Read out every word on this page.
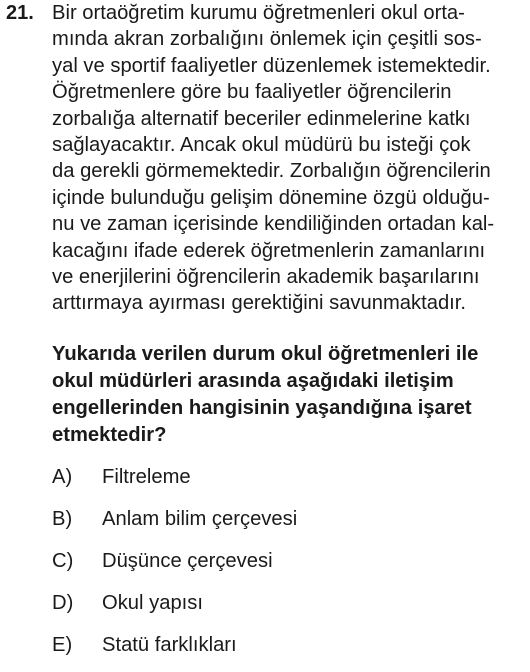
21. Bir ortaöğretim kurumu öğretmenleri okul orta-
mında akran zorbalığını önlemek için çeşitli sos-
yal ve sportif faaliyetler düzenlemek istemektedir.
Öğretmenlere göre bu faaliyetler öğrencilerin
zorbalığa alternatif beceriler edinmelerine katkı
sağlayacaktır. Ancak okul müdürü bu isteği çok
da gerekli görmemektedir. Zorbalığın öğrencilerin
içinde bulunduğu gelişim dönemine özgü olduğu-
nu ve zaman içerisinde kendiliğinden ortadan kal-
kacağını ifade ederek öğretmenlerin zamanlarını
ve enerjilerini öğrencilerin akademik başarılarını
arttırmaya ayırması gerektiğini savunmaktadır.
Yukarıda verilen durum okul öğretmenleri ile
okul müdürleri arasında aşağıdaki iletişim
engellerinden hangisinin yaşandığına işaret
etmektedir?
A) Filtreleme
B) Anlam bilim çerçevesi
C) Düşünce çerçevesi
D) Okul yapısı
E) Statü farklıkları
